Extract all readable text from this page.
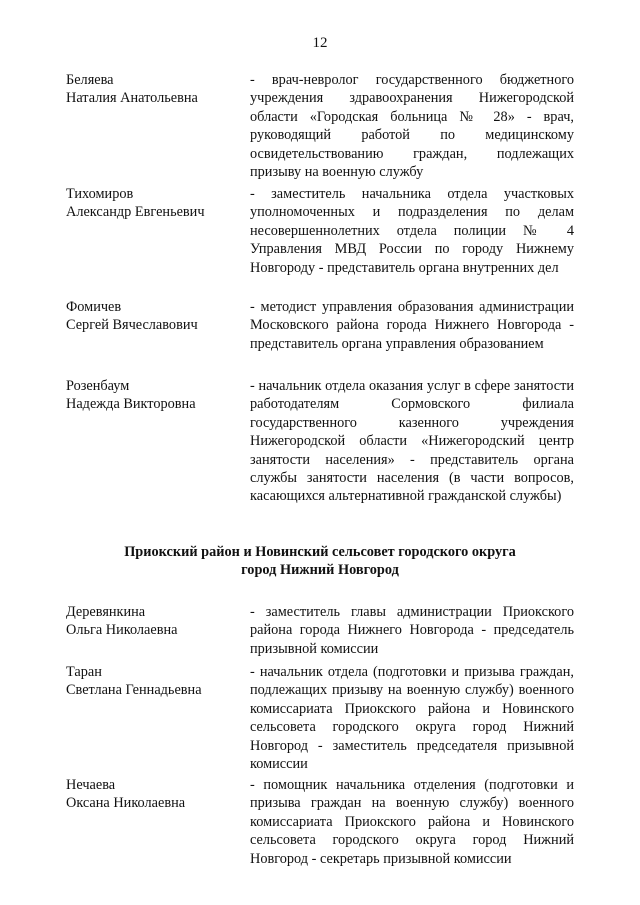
12
Беляева
Наталия Анатольевна
- врач-невролог государственного бюджетного учреждения здравоохранения Нижегородской области «Городская больница № 28» - врач, руководящий работой по медицинскому освидетельствованию граждан, подлежащих призыву на военную службу
Тихомиров
Александр Евгеньевич
- заместитель начальника отдела участковых уполномоченных и подразделения по делам несовершеннолетних отдела полиции № 4 Управления МВД России по городу Нижнему Новгороду - представитель органа внутренних дел
Фомичев
Сергей Вячеславович
- методист управления образования администрации Московского района города Нижнего Новгорода - представитель органа управления образованием
Розенбаум
Надежда Викторовна
- начальник отдела оказания услуг в сфере занятости работодателям Сормовского филиала государственного казенного учреждения Нижегородской области «Нижегородский центр занятости населения» - представитель органа службы занятости населения (в части вопросов, касающихся альтернативной гражданской службы)
Приокский район и Новинский сельсовет городского округа
город Нижний Новгород
Деревянкина
Ольга Николаевна
- заместитель главы администрации Приокского района города Нижнего Новгорода - председатель призывной комиссии
Таран
Светлана Геннадьевна
- начальник отдела (подготовки и призыва граждан, подлежащих призыву на военную службу) военного комиссариата Приокского района и Новинского сельсовета городского округа город Нижний Новгород - заместитель председателя призывной комиссии
Нечаева
Оксана Николаевна
- помощник начальника отделения (подготовки и призыва граждан на военную службу) военного комиссариата Приокского района и Новинского сельсовета городского округа город Нижний Новгород - секретарь призывной комиссии
